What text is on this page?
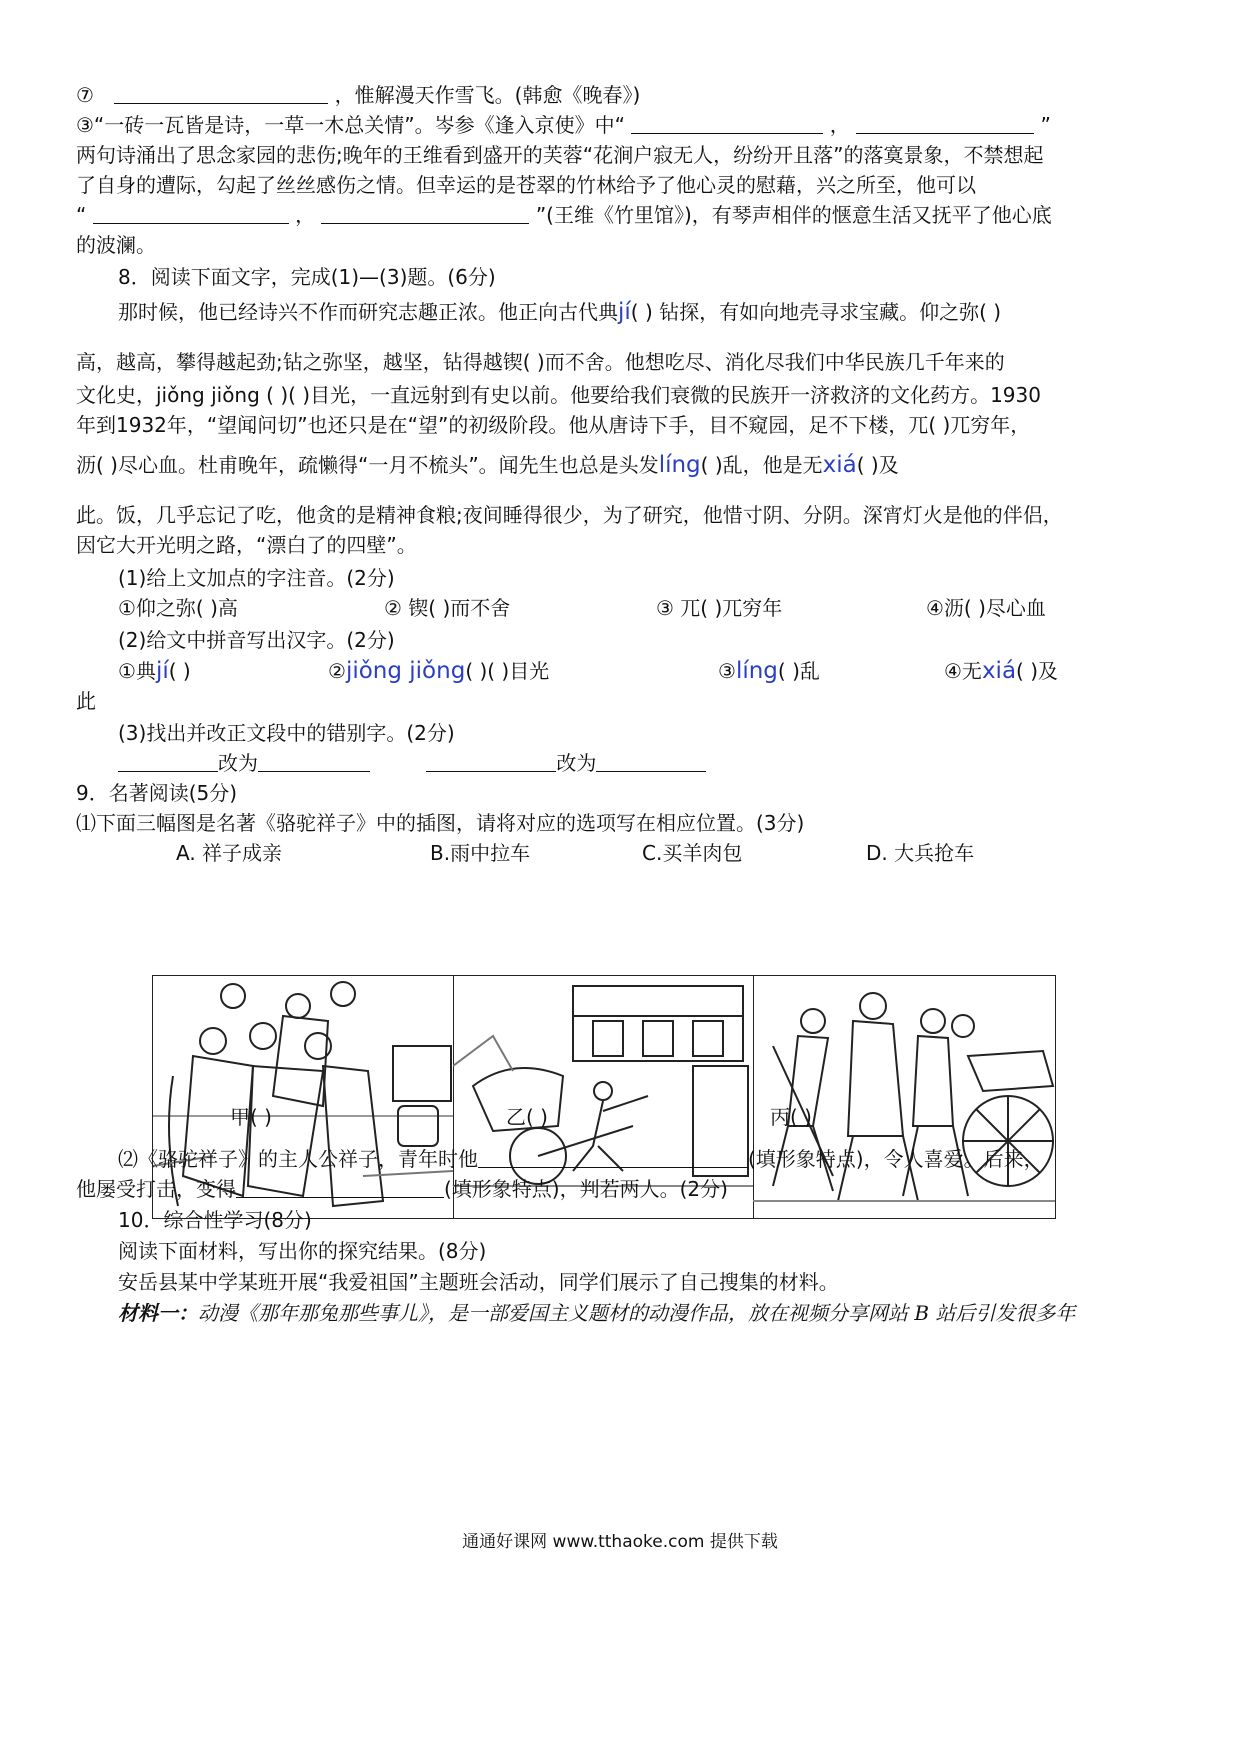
⑦	，惟解漫天作雪飞。(韩愈《晚春》)
③“一砖一瓦皆是诗，一草一木总关情”。岑参《逢入京使》中“	，	”
两句诗涌出了思念家园的悲伤;晚年的王维看到盛开的芙蓉“花涧户寂无人，纷纷开且落”的落寞景象，不禁想起
了自身的遭际，勾起了丝丝感伤之情。但幸运的是苍翠的竹林给予了他心灵的慰藉，兴之所至，他可以
“	，	”(王维《竹里馆》)，有琴声相伴的惬意生活又抚平了他心底
的波澜。
8．阅读下面文字，完成(1)—(3)题。(6分)
那时候，他已经诗兴不作而研究志趣正浓。他正向古代典jí( ) 钻探，有如向地壳寻求宝藏。仰之弥( )
高，越高，攀得越起劲;钻之弥坚，越坚，钻得越锲( )而不舍。他想吃尽、消化尽我们中华民族几千年来的
文化史，jiǒng jiǒng ( )( )目光，一直远射到有史以前。他要给我们衰微的民族开一济救济的文化药方。1930
年到1932年，“望闻问切”也还只是在“望”的初级阶段。他从唐诗下手，目不窥园，足不下楼，兀( )兀穷年，
沥( )尽心血。杜甫晚年，疏懒得“一月不梳头”。闻先生也总是头发líng( )乱，他是无xiá( )及
此。饭，几乎忘记了吃，他贪的是精神食粮;夜间睡得很少，为了研究，他惜寸阴、分阴。深宵灯火是他的伴侣，
因它大开光明之路，“漂白了的四壁”。
(1)给上文加点的字注音。(2分)
①仰之弥( )高	② 锲( )而不舍	③ 兀( )兀穷年	④沥( )尽心血
(2)给文中拼音写出汉字。(2分)
①典jí( )	②jiǒng jiǒng( )( )目光	③líng( )乱	④无xiá( )及
此
(3)找出并改正文段中的错别字。(2分)
改为	改为
9．名著阅读(5分)
⑴下面三幅图是名著《骆驼祥子》中的插图，请将对应的选项写在相应位置。(3分)
A. 祥子成亲	B.雨中拉车	C.买羊肉包	D. 大兵抢车
甲( )	乙( )	丙( )
⑵《骆驼祥子》的主人公祥子，青年时他	(填形象特点)，令人喜爱。后来，
他屡受打击，变得	(填形象特点)，判若两人。(2分)
10．综合性学习(8分)
阅读下面材料，写出你的探究结果。(8分)
安岳县某中学某班开展“我爱祖国”主题班会活动，同学们展示了自己搜集的材料。
材料一：动漫《那年那兔那些事儿》，是一部爱国主义题材的动漫作品，放在视频分享网站 B 站后引发很多年
通通好课网 www.tthaoke.com 提供下载
